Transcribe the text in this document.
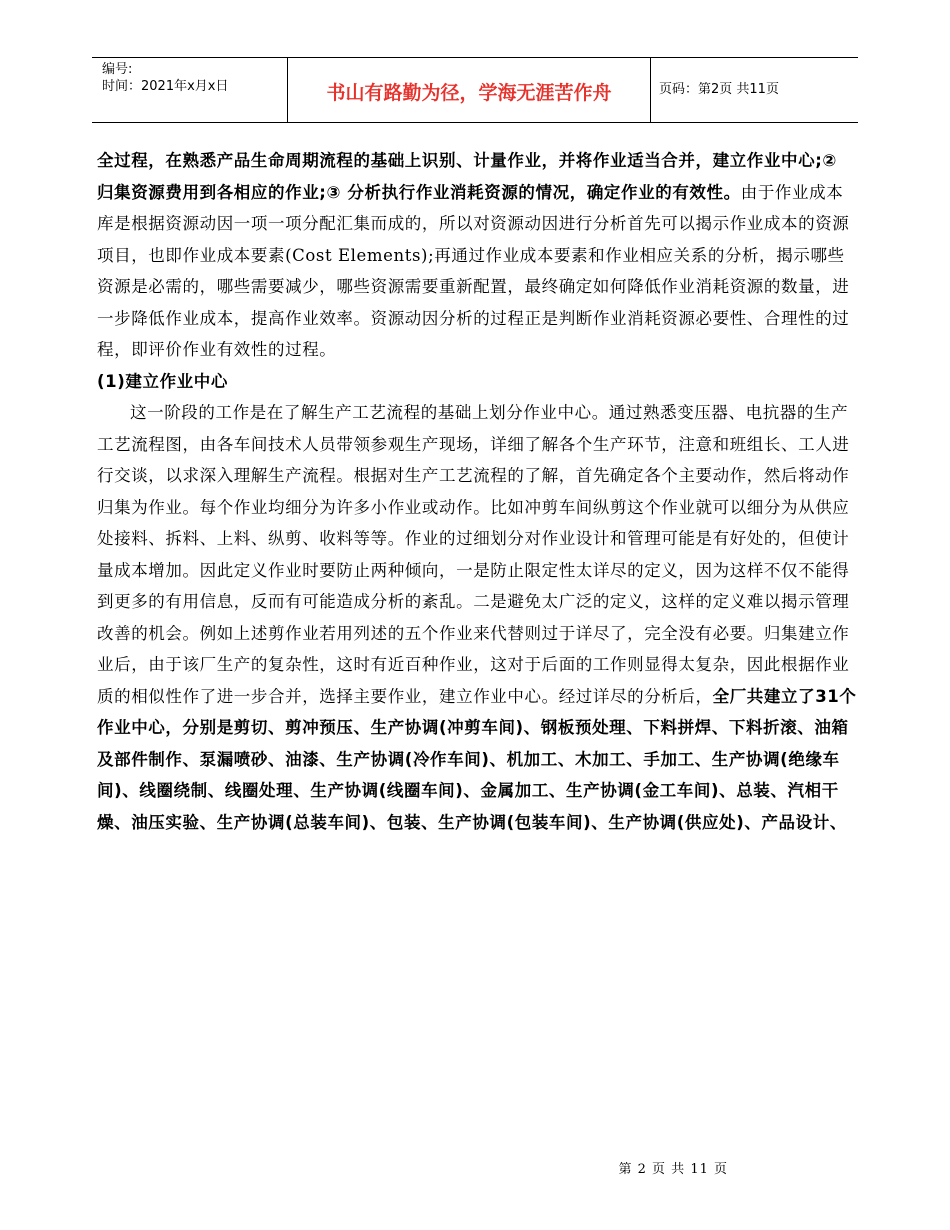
编号:
时间：2021年x月x日	书山有路勤为径，学海无涯苦作舟	页码：第2页 共11页

全过程，在熟悉产品生命周期流程的基础上识别、计量作业，并将作业适当合并，建立作业中心;② 归集资源费用到各相应的作业;③ 分析执行作业消耗资源的情况，确定作业的有效性。由于作业成本库是根据资源动因一项一项分配汇集而成的，所以对资源动因进行分析首先可以揭示作业成本的资源项目，也即作业成本要素(Cost Elements);再通过作业成本要素和作业相应关系的分析，揭示哪些资源是必需的，哪些需要减少，哪些资源需要重新配置，最终确定如何降低作业消耗资源的数量，进一步降低作业成本，提高作业效率。资源动因分析的过程正是判断作业消耗资源必要性、合理性的过程，即评价作业有效性的过程。

(1)建立作业中心

这一阶段的工作是在了解生产工艺流程的基础上划分作业中心。通过熟悉变压器、电抗器的生产工艺流程图，由各车间技术人员带领参观生产现场，详细了解各个生产环节，注意和班组长、工人进行交谈，以求深入理解生产流程。根据对生产工艺流程的了解，首先确定各个主要动作，然后将动作归集为作业。每个作业均细分为许多小作业或动作。比如冲剪车间纵剪这个作业就可以细分为从供应处接料、拆料、上料、纵剪、收料等等。作业的过细划分对作业设计和管理可能是有好处的，但使计量成本增加。因此定义作业时要防止两种倾向，一是防止限定性太详尽的定义，因为这样不仅不能得到更多的有用信息，反而有可能造成分析的紊乱。二是避免太广泛的定义，这样的定义难以揭示管理改善的机会。例如上述剪作业若用列述的五个作业来代替则过于详尽了，完全没有必要。归集建立作业后，由于该厂生产的复杂性，这时有近百种作业，这对于后面的工作则显得太复杂，因此根据作业质的相似性作了进一步合并，选择主要作业，建立作业中心。经过详尽的分析后，全厂共建立了31个作业中心，分别是剪切、剪冲预压、生产协调(冲剪车间)、钢板预处理、下料拼焊、下料折滚、油箱及部件制作、泵漏喷砂、油漆、生产协调(冷作车间)、机加工、木加工、手加工、生产协调(绝缘车间)、线圈绕制、线圈处理、生产协调(线圈车间)、金属加工、生产协调(金工车间)、总装、汽相干燥、油压实验、生产协调(总装车间)、包装、生产协调(包装车间)、生产协调(供应处)、产品设计、

第 2 页 共 11 页
